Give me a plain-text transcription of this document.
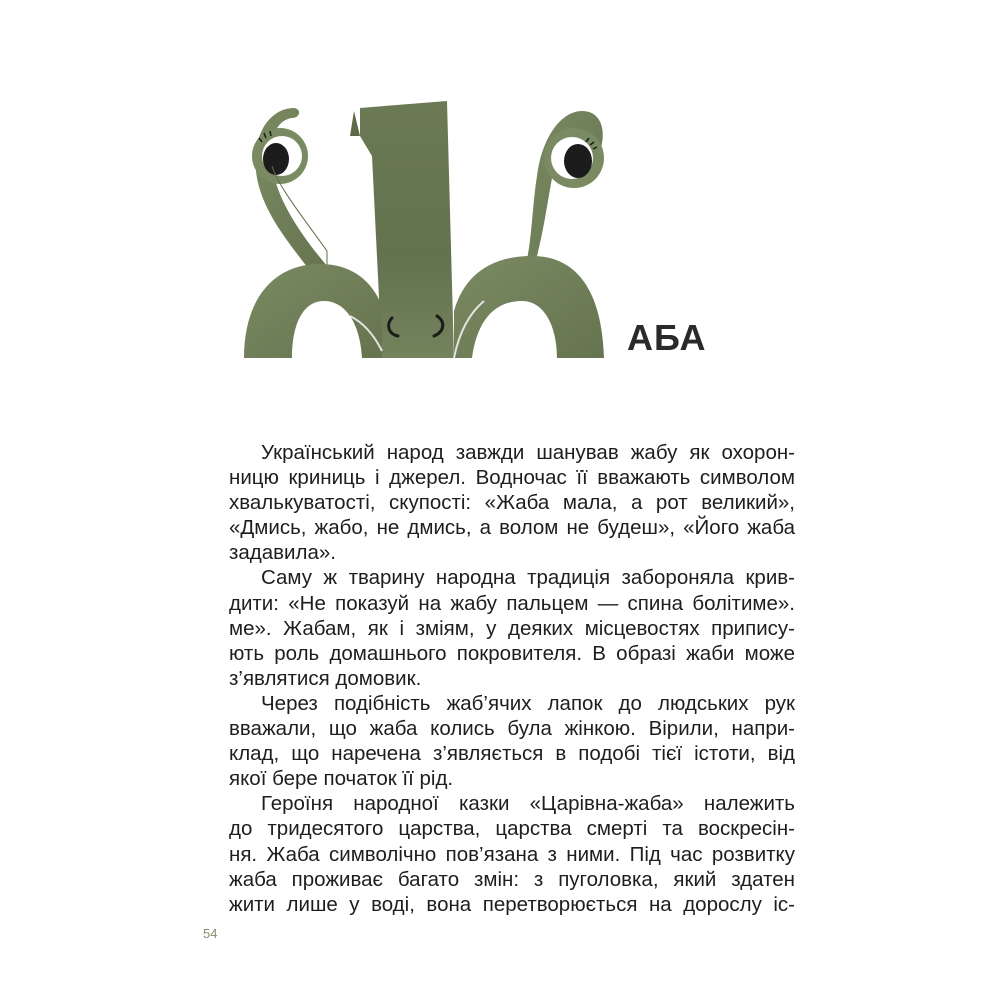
АБА
Український народ завжди шанував жабу як охорон-
ницю криниць і джерел. Водночас її вважають символом
хвалькуватості, скупості: «Жаба мала, а рот великий»,
«Дмись, жабо, не дмись, а волом не будеш», «Його жаба
задавила».
Саму ж тварину народна традиція забороняла крив-
дити: «Не показуй на жабу пальцем — спина болітиме».
ме». Жабам, як і зміям, у деяких місцевостях припису-
ють роль домашнього покровителя. В образі жаби може
з’являтися домовик.
Через подібність жаб’ячих лапок до людських рук
вважали, що жаба колись була жінкою. Вірили, напри-
клад, що наречена з’являється в подобі тієї істоти, від
якої бере початок її рід.
Героїня народної казки «Царівна-жаба» належить
до тридесятого царства, царства смерті та воскресін-
ня. Жаба символічно пов’язана з ними. Під час розвитку
жаба проживає багато змін: з пуголовка, який здатен
жити лише у воді, вона перетворюється на дорослу іс-
54
